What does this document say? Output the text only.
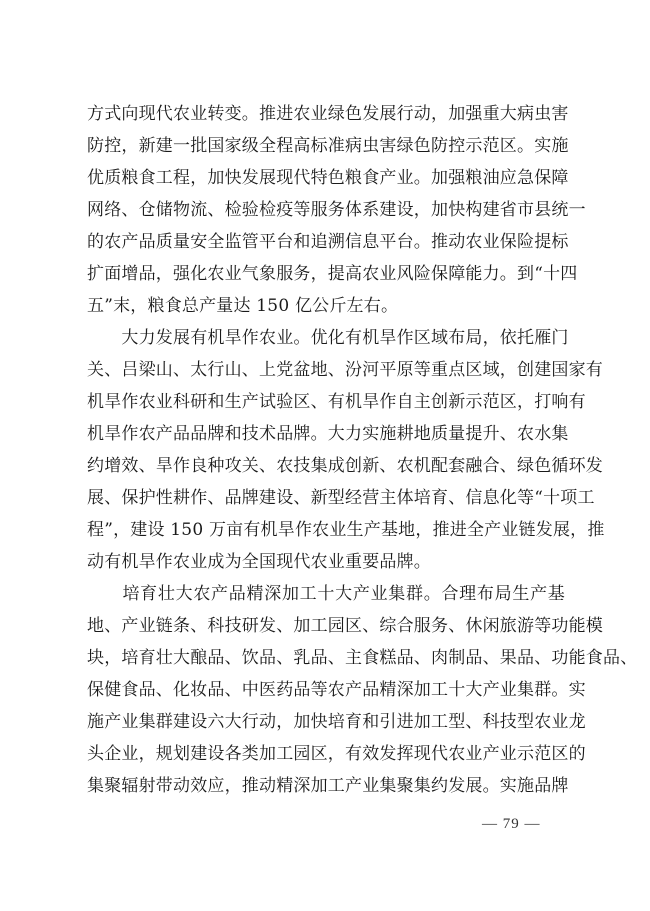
方式向现代农业转变。推进农业绿色发展行动，加强重大病虫害
防控，新建一批国家级全程高标准病虫害绿色防控示范区。实施
优质粮食工程，加快发展现代特色粮食产业。加强粮油应急保障
网络、仓储物流、检验检疫等服务体系建设，加快构建省市县统一
的农产品质量安全监管平台和追溯信息平台。推动农业保险提标
扩面增品，强化农业气象服务，提高农业风险保障能力。到“十四
五”末，粮食总产量达 150 亿公斤左右。
　　大力发展有机旱作农业。优化有机旱作区域布局，依托雁门
关、吕梁山、太行山、上党盆地、汾河平原等重点区域，创建国家有
机旱作农业科研和生产试验区、有机旱作自主创新示范区，打响有
机旱作农产品品牌和技术品牌。大力实施耕地质量提升、农水集
约增效、旱作良种攻关、农技集成创新、农机配套融合、绿色循环发
展、保护性耕作、品牌建设、新型经营主体培育、信息化等“十项工
程”，建设 150 万亩有机旱作农业生产基地，推进全产业链发展，推
动有机旱作农业成为全国现代农业重要品牌。
　　培育壮大农产品精深加工十大产业集群。合理布局生产基
地、产业链条、科技研发、加工园区、综合服务、休闲旅游等功能模
块，培育壮大酿品、饮品、乳品、主食糕品、肉制品、果品、功能食品、
保健食品、化妆品、中医药品等农产品精深加工十大产业集群。实
施产业集群建设六大行动，加快培育和引进加工型、科技型农业龙
头企业，规划建设各类加工园区，有效发挥现代农业产业示范区的
集聚辐射带动效应，推动精深加工产业集聚集约发展。实施品牌
— 79 —
